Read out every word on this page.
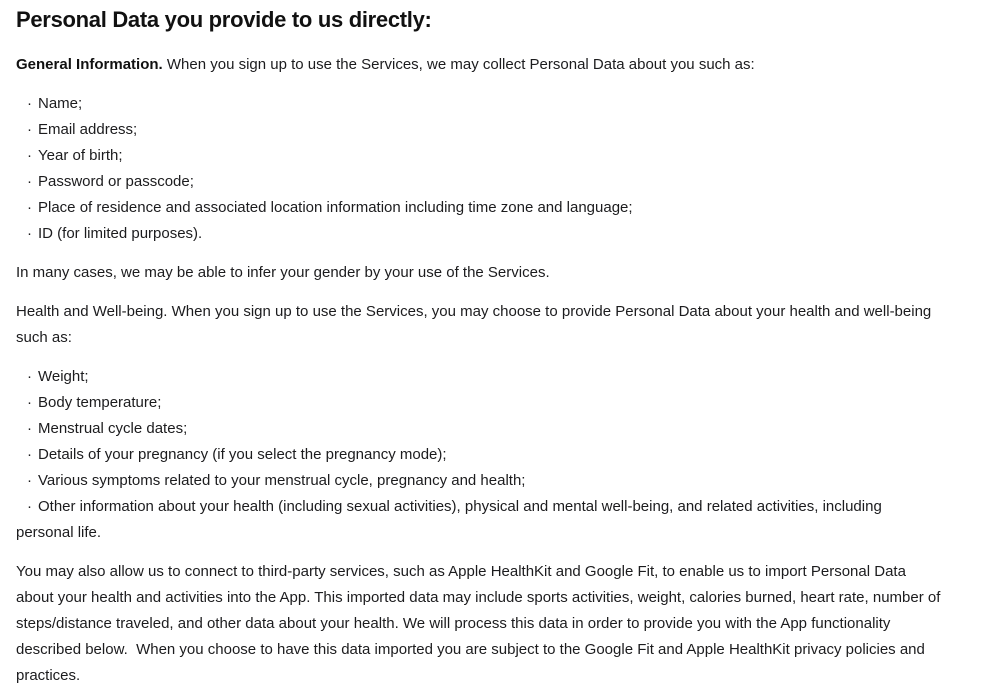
Personal Data you provide to us directly:

General Information. When you sign up to use the Services, we may collect Personal Data about you such as:

· Name;
· Email address;
· Year of birth;
· Password or passcode;
· Place of residence and associated location information including time zone and language;
· ID (for limited purposes).

In many cases, we may be able to infer your gender by your use of the Services.

Health and Well-being. When you sign up to use the Services, you may choose to provide Personal Data about your health and well-being such as:

· Weight;
· Body temperature;
· Menstrual cycle dates;
· Details of your pregnancy (if you select the pregnancy mode);
· Various symptoms related to your menstrual cycle, pregnancy and health;
· Other information about your health (including sexual activities), physical and mental well-being, and related activities, including personal life.

You may also allow us to connect to third-party services, such as Apple HealthKit and Google Fit, to enable us to import Personal Data about your health and activities into the App. This imported data may include sports activities, weight, calories burned, heart rate, number of steps/distance traveled, and other data about your health. We will process this data in order to provide you with the App functionality described below.  When you choose to have this data imported you are subject to the Google Fit and Apple HealthKit privacy policies and practices.
